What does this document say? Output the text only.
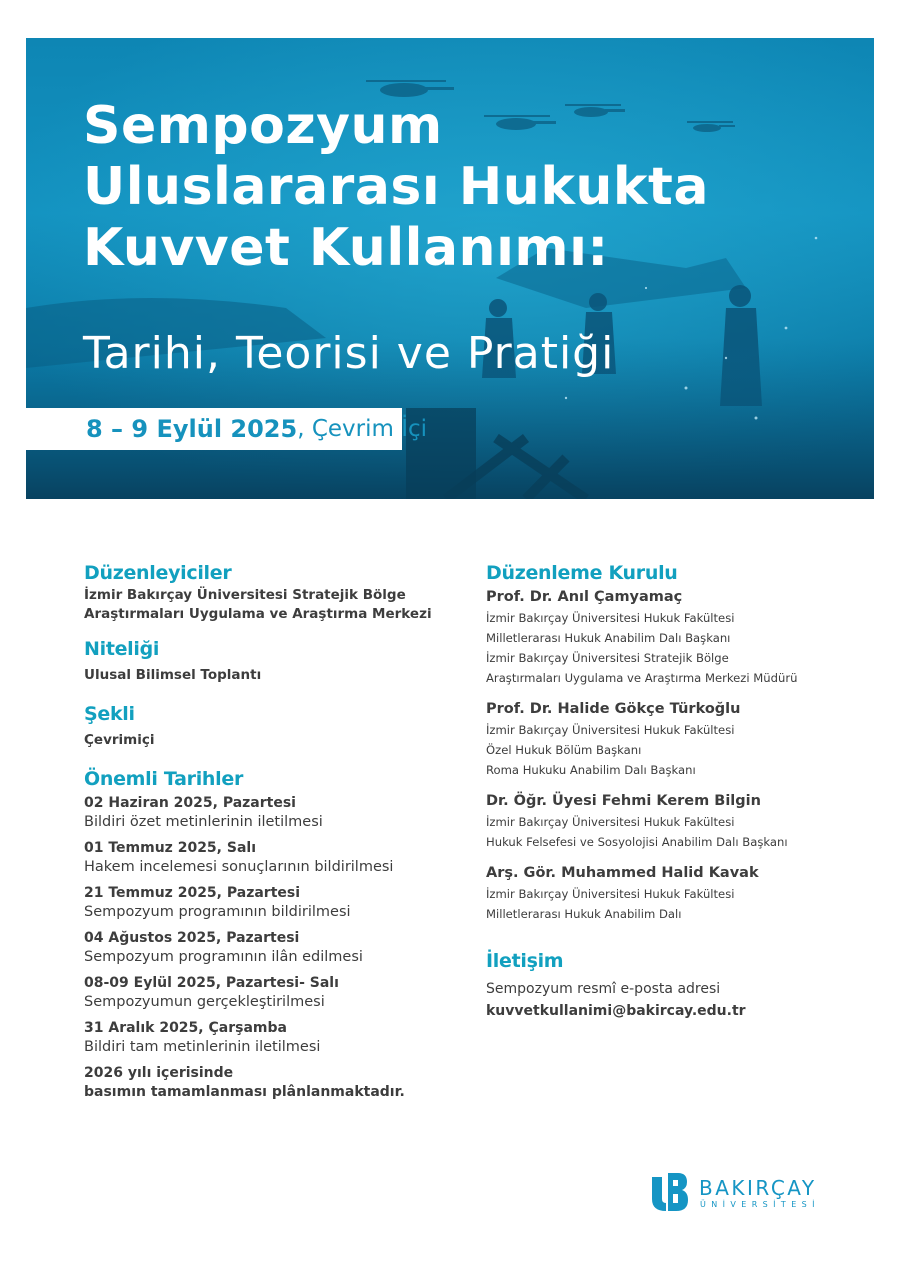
Sempozyum
Uluslararası Hukukta
Kuvvet Kullanımı:
Tarihi, Teorisi ve Pratiği
8 – 9 Eylül 2025 , Çevrim İçi
Düzenleyiciler
İzmir Bakırçay Üniversitesi Stratejik Bölge
Araştırmaları Uygulama ve Araştırma Merkezi
Niteliği
Ulusal Bilimsel Toplantı
Şekli
Çevrimiçi
Önemli Tarihler
02 Haziran 2025, Pazartesi
Bildiri özet metinlerinin iletilmesi
01 Temmuz 2025, Salı
Hakem incelemesi sonuçlarının bildirilmesi
21 Temmuz 2025, Pazartesi
Sempozyum programının bildirilmesi
04 Ağustos 2025, Pazartesi
Sempozyum programının ilân edilmesi
08-09 Eylül 2025, Pazartesi- Salı
Sempozyumun gerçekleştirilmesi
31 Aralık 2025, Çarşamba
Bildiri tam metinlerinin iletilmesi
2026 yılı içerisinde
basımın tamamlanması plânlanmaktadır.
Düzenleme Kurulu
Prof. Dr. Anıl Çamyamaç
İzmir Bakırçay Üniversitesi Hukuk Fakültesi
Milletlerarası Hukuk Anabilim Dalı Başkanı
İzmir Bakırçay Üniversitesi Stratejik Bölge
Araştırmaları Uygulama ve Araştırma Merkezi Müdürü
Prof. Dr. Halide Gökçe Türkoğlu
İzmir Bakırçay Üniversitesi Hukuk Fakültesi
Özel Hukuk Bölüm Başkanı
Roma Hukuku Anabilim Dalı Başkanı
Dr. Öğr. Üyesi Fehmi Kerem Bilgin
İzmir Bakırçay Üniversitesi Hukuk Fakültesi
Hukuk Felsefesi ve Sosyolojisi Anabilim Dalı Başkanı
Arş. Gör. Muhammed Halid Kavak
İzmir Bakırçay Üniversitesi Hukuk Fakültesi
Milletlerarası Hukuk Anabilim Dalı
İletişim
Sempozyum resmî e-posta adresi
kuvvetkullanimi@bakircay.edu.tr
BAKIRÇAY
ÜNİVERSİTESİ
